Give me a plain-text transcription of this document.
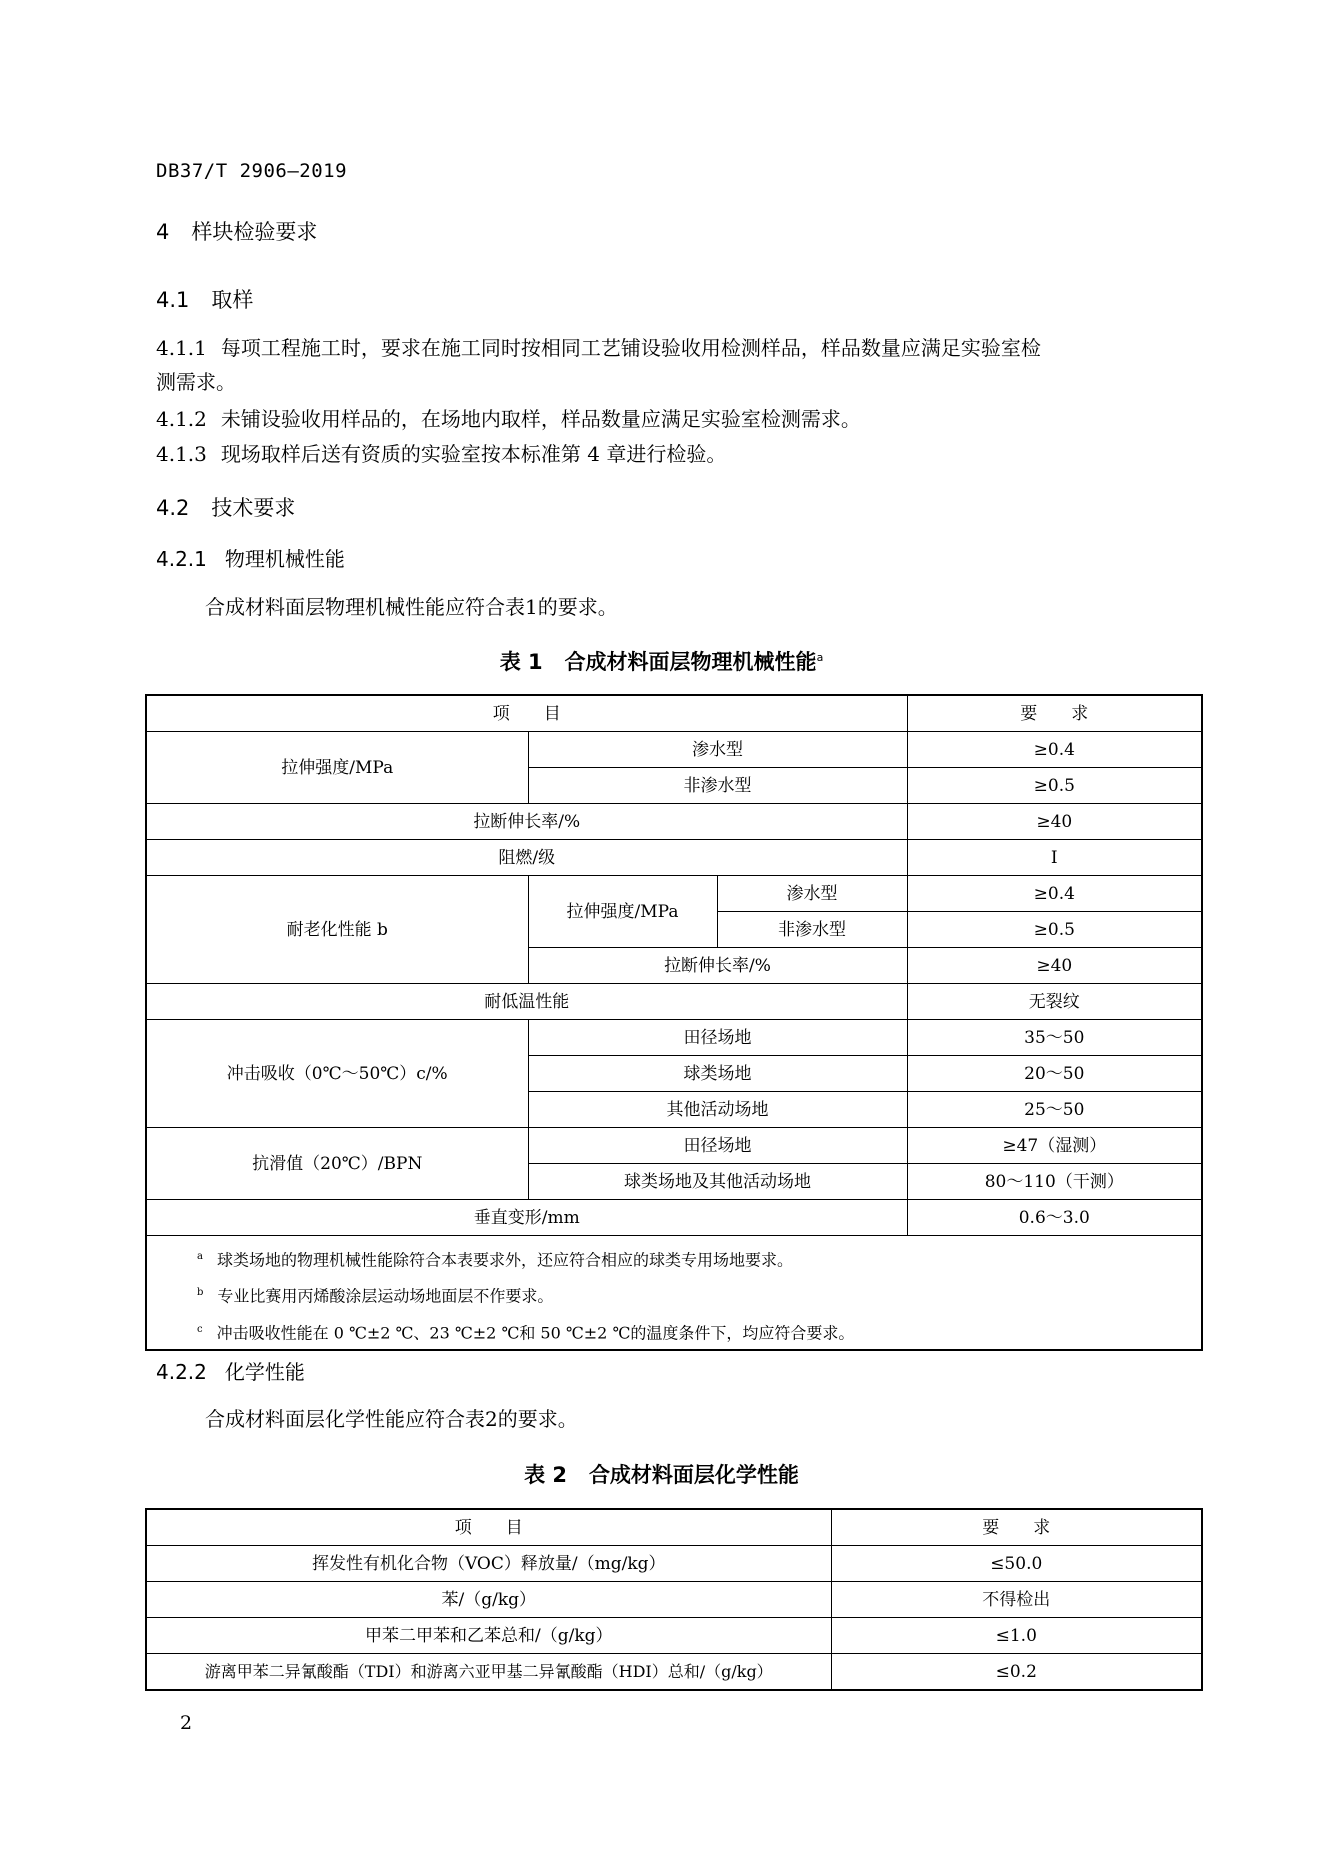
DB37/T 2906—2019
4 样块检验要求
4.1 取样
4.1.1 每项工程施工时，要求在施工同时按相同工艺铺设验收用检测样品，样品数量应满足实验室检
测需求。
4.1.2 未铺设验收用样品的，在场地内取样，样品数量应满足实验室检测需求。
4.1.3 现场取样后送有资质的实验室按本标准第 4 章进行检验。
4.2 技术要求
4.2.1 物理机械性能
合成材料面层物理机械性能应符合表1的要求。
表 1 合成材料面层物理机械性能$^a$
项　　目			要　　求
拉伸强度/MPa	渗水型		≥0.4
	非渗水型		≥0.5
拉断伸长率/%			≥40
阻燃/级			I
耐老化性能 b	拉伸强度/MPa	渗水型	≥0.4
		非渗水型	≥0.5
	拉断伸长率/%		≥40
耐低温性能			无裂纹
冲击吸收（0℃～50℃）c/%	田径场地		35～50
	球类场地		20～50
	其他活动场地		25～50
抗滑值（20℃）/BPN	田径场地		≥47（湿测）
	球类场地及其他活动场地		80～110（干测）
垂直变形/mm			0.6～3.0

$^a$ 球类场地的物理机械性能除符合本表要求外，还应符合相应的球类专用场地要求。
$^b$ 专业比赛用丙烯酸涂层运动场地面层不作要求。
$^c$ 冲击吸收性能在 0 ℃±2 ℃、23 ℃±2 ℃和 50 ℃±2 ℃的温度条件下，均应符合要求。			
4.2.2 化学性能
合成材料面层化学性能应符合表2的要求。
表 2 合成材料面层化学性能
项　　目	要　　求
挥发性有机化合物（VOC）释放量/（mg/kg）	≤50.0
苯/（g/kg）	不得检出
甲苯二甲苯和乙苯总和/（g/kg）	≤1.0
游离甲苯二异氰酸酯（TDI）和游离六亚甲基二异氰酸酯（HDI）总和/（g/kg）	≤0.2
2
